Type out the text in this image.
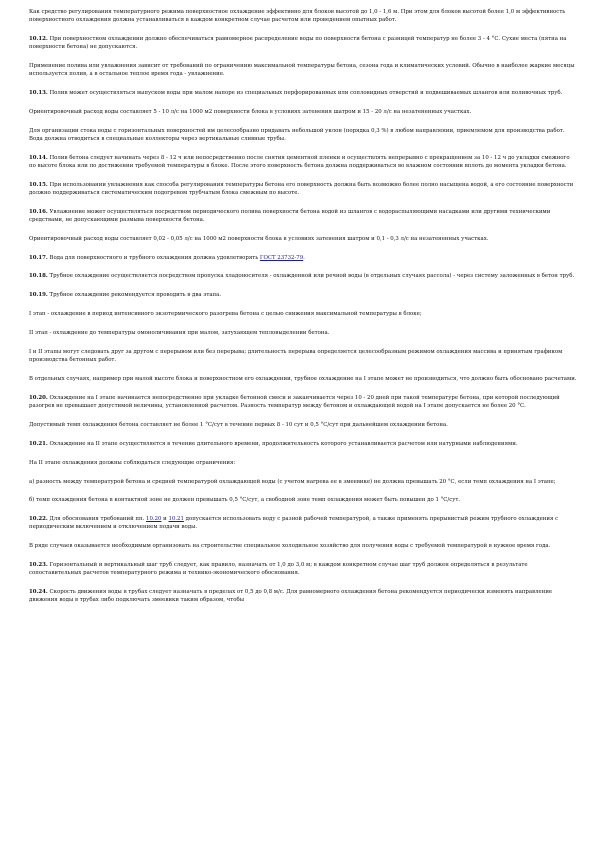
Как средство регулирования температурного режима поверхностное охлаждение эффективно для блоков высотой до 1,0 - 1,6 м. При этом для блоков высотой более 1,0 м эффективность поверхностного охлаждения должна устанавливаться в каждом конкретном случае расчетом или проведением опытных работ.

10.12. При поверхностном охлаждении должно обеспечиваться равномерное распределение воды по поверхности бетона с разницей температур не более 3 - 4 °С. Сухие места (пятна на поверхности бетона) не допускаются.

Применение полива или увлажнения зависит от требований по ограничению максимальной температуры бетона, сезона года и климатических условий. Обычно в наиболее жаркие месяцы используется полив, а в остальное теплое время года - увлажнение.

10.13. Полив может осуществляться выпуском воды при малом напоре из специальных перфорированных или сопловидных отверстий и подвешиваемых шлангов или поливочных труб.

Ориентировочный расход воды составляет 5 - 10 л/с на 1000 м2 поверхности блока в условиях затенения шатром и 15 - 20 л/с на незатененных участках.

Для организации стока воды с горизонтальных поверхностей им целесообразно придавать небольшой уклон (порядка 0,3 %) в любом направлении, приемлемом для производства работ. Вода должна отводиться в специальные коллекторы через вертикальные сливные трубы.

10.14. Полив бетона следует начинать через 8 - 12 ч или непосредственно после снятия цементной пленки и осуществлять непрерывно с прекращением за 10 - 12 ч до укладки смежного по высоте блока или по достижении требуемой температуры в блоке. После этого поверхность бетона должна поддерживаться во влажном состоянии вплоть до момента укладки бетона.

10.15. При использовании увлажнения как способа регулирования температуры бетона его поверхность должна быть возможно более полно насыщена водой, а его состояние поверхности должно поддерживаться систематическим подогревом трубчатым блока смежным по высоте.

10.16. Увлажнение может осуществляться посредством периодического полива поверхности бетона водой из шлангов с водораспыляющими насадками или другими техническими средствами, не допускающими размыва поверхности бетона.

Ориентировочный расход воды составляет 0,02 - 0,05 л/с на 1000 м2 поверхности блока в условиях затенения шатром и 0,1 - 0,3 л/с на незатененных участках.

10.17. Вода для поверхностного и трубного охлаждения должна удовлетворять ГОСТ 23732-79.

10.18. Трубное охлаждение осуществляется посредством пропуска хладоносителя - охлажденной или речной воды (в отдельных случаях рассола) - через систему заложенных в бетон труб.

10.19. Трубное охлаждение рекомендуется проводить в два этапа.

I этап - охлаждение в период интенсивного экзотермического разогрева бетона с целью снижения максимальной температуры в блоке;

II этап - охлаждение до температуры омоноличивания при малом, затухающем тепловыделении бетона.

I и II этапы могут следовать друг за другом с перерывом или без перерыва; длительность перерыва определяется целесообразным режимом охлаждения массива и принятым графиком производства бетонных работ.

В отдельных случаях, например при малой высоте блока и поверхностном его охлаждении, трубное охлаждение на I этапе может не производиться, что должно быть обосновано расчетами.

10.20. Охлаждение на I этапе начинается непосредственно при укладке бетонной смеси и заканчивается через 10 - 20 дней при такой температуре бетона, при которой последующий разогрев не превышает допустимой величины, установленной расчетом. Разность температур между бетоном и охлаждающей водой на I этапе допускается не более 20 °С.

Допустимый темп охлаждения бетона составляет не более 1 °С/сут в течение первых 8 - 10 сут и 0,5 °С/сут при дальнейшем охлаждении бетона.

10.21. Охлаждение на II этапе осуществляется в течение длительного времени, продолжительность которого устанавливается расчетом или натурными наблюдениями.

На II этапе охлаждения должны соблюдаться следующие ограничения:

а) разность между температурой бетона и средней температурой охлаждающей воды (с учетом нагрева ее в змеевике) не должна превышать 20 °С, если темп охлаждения на I этапе;

б) темп охлаждения бетона в контактной зоне не должен превышать 0,5 °С/сут, а свободной зоне темп охлаждения может быть повышен до 1 °С/сут.

10.22. Для обоснования требований пп. 10.20 и 10.21 допускается использовать воду с разной рабочей температурой, а также применять прерывистый режим трубного охлаждения с периодическим включением и отключением подачи воды.

В ряде случаев оказывается необходимым организовать на строительстве специальное холодильное хозяйство для получения воды с требуемой температурой в нужное время года.

10.23. Горизонтальный и вертикальный шаг труб следует, как правило, назначать от 1,0 до 3,0 м; в каждом конкретном случае шаг труб должен определяться в результате сопоставительных расчетов температурного режима и технико-экономического обоснования.

10.24. Скорость движения воды в трубах следует назначать в пределах от 0,5 до 0,8 м/с. Для равномерного охлаждения бетона рекомендуется периодически изменять направление движения воды в трубах либо подключать змеевики таким образом, чтобы
